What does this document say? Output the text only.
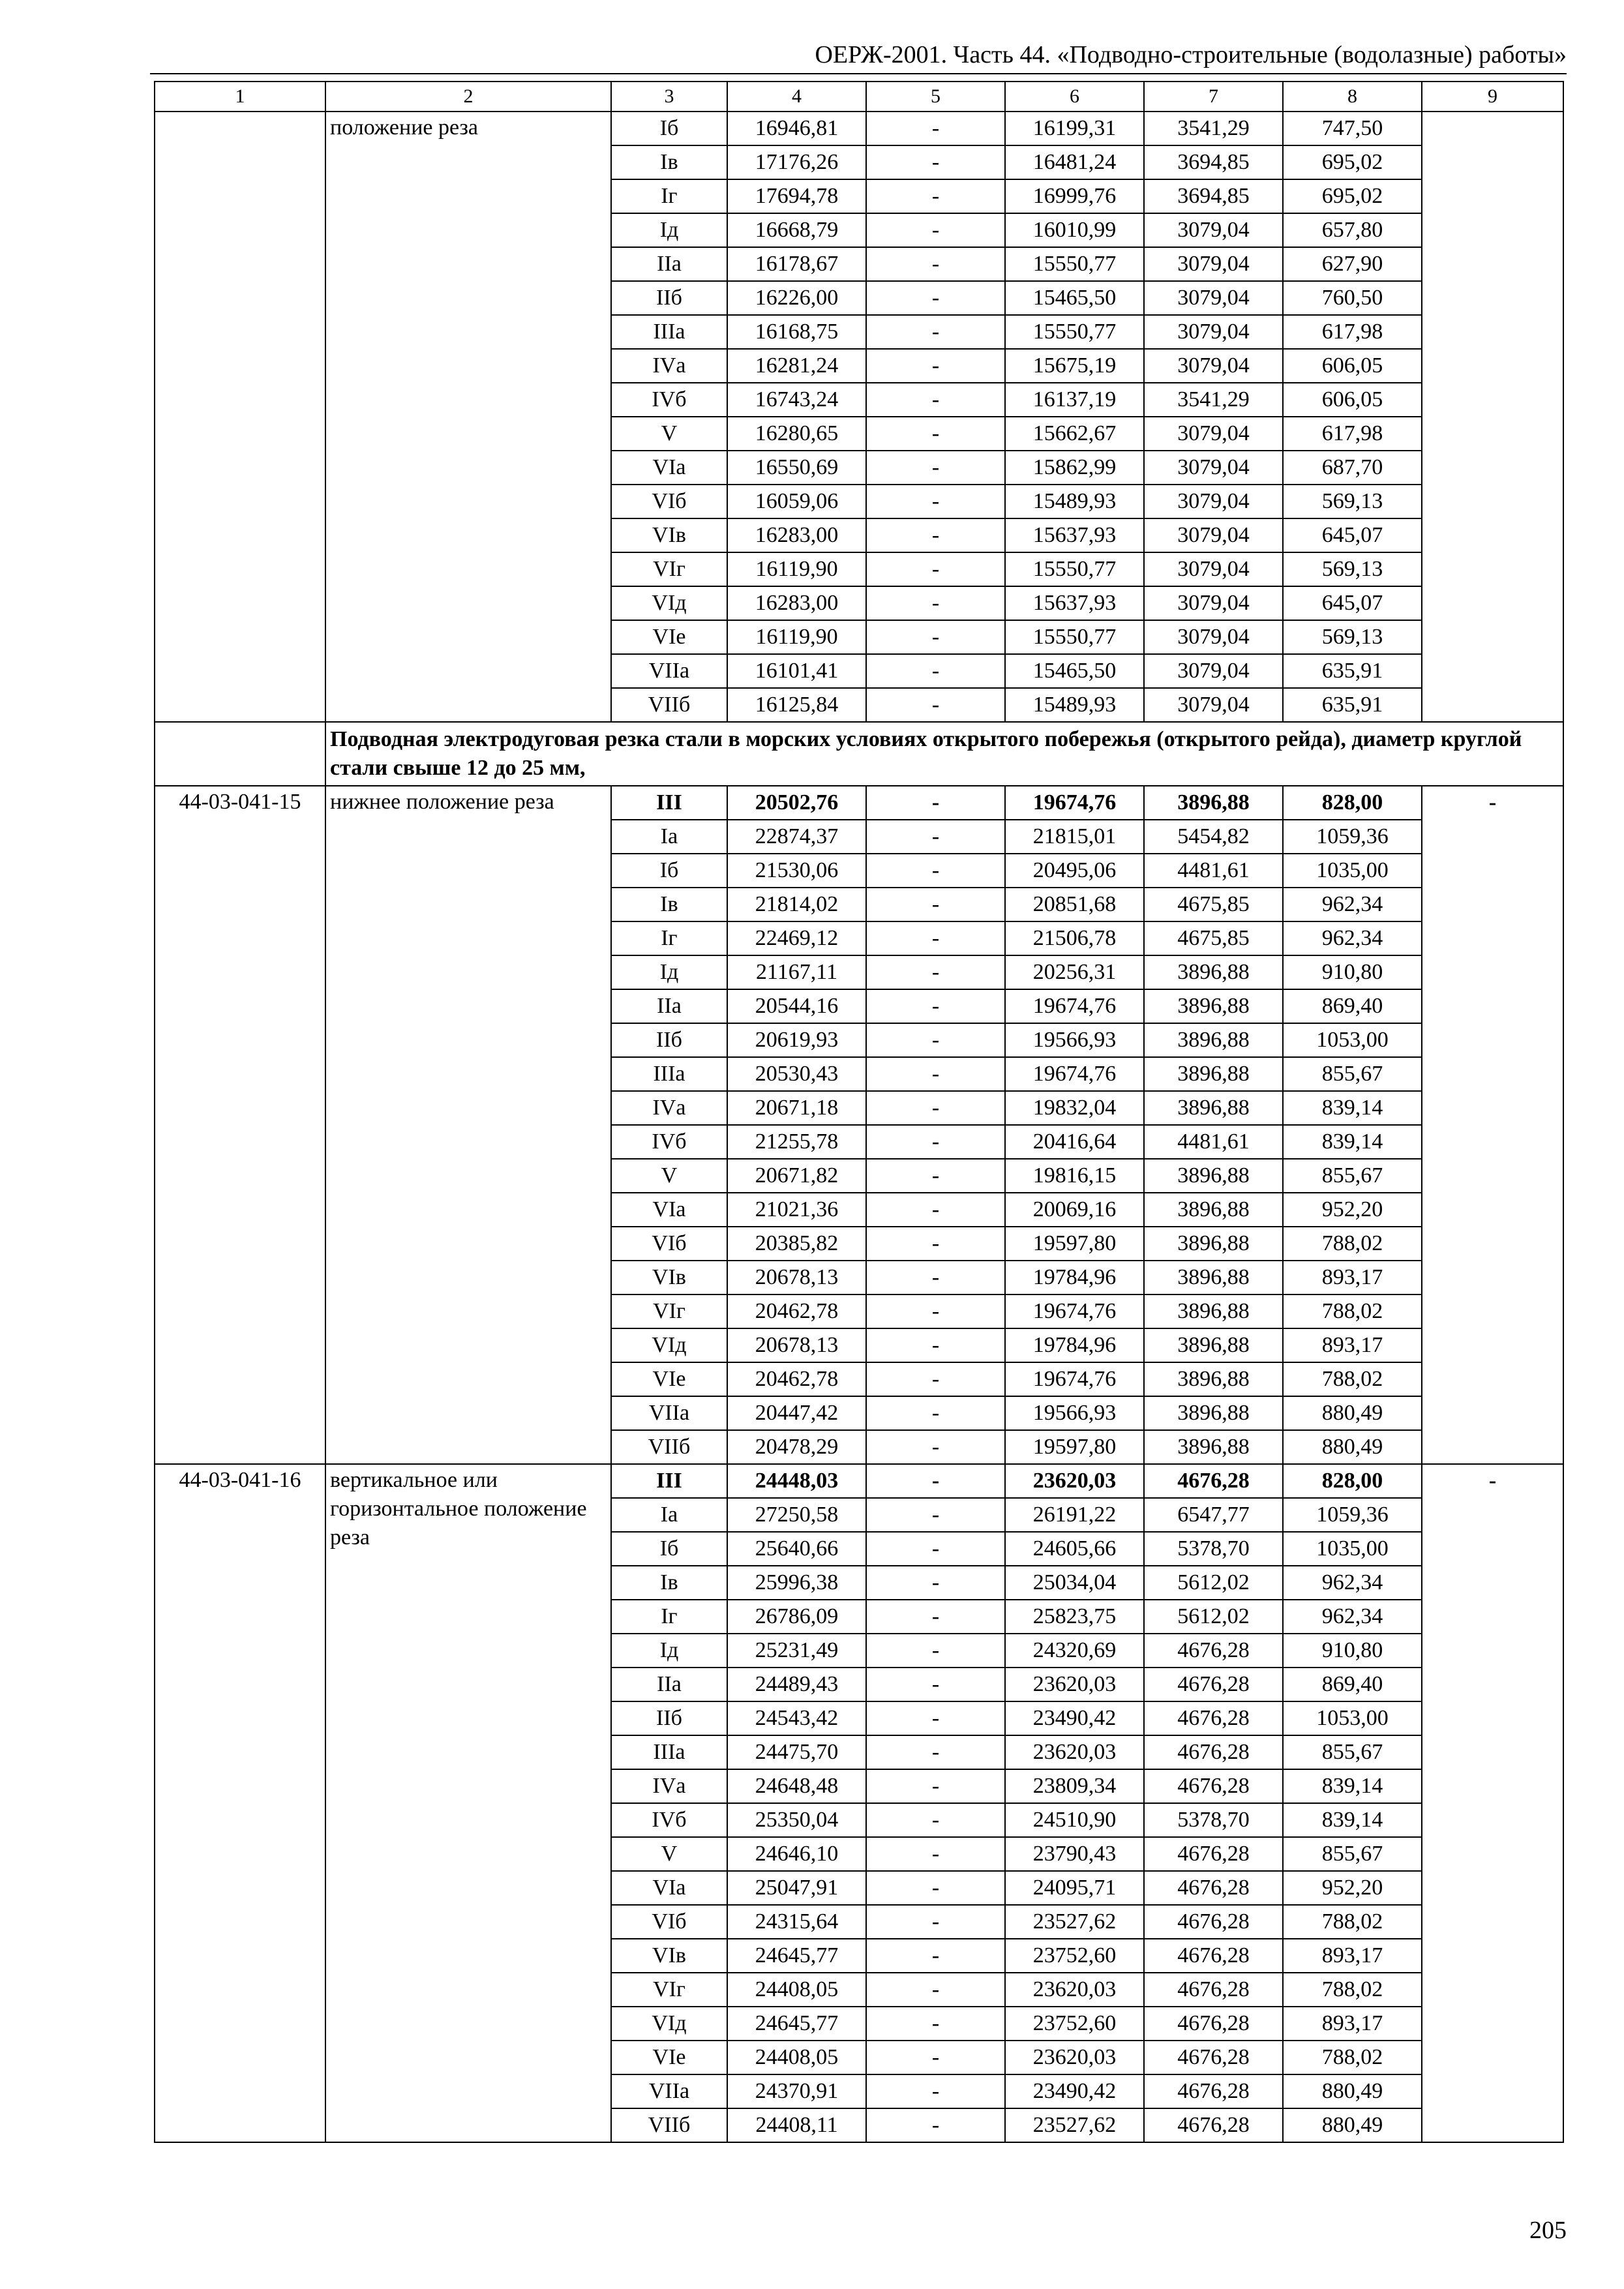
ОЕРЖ-2001. Часть 44. «Подводно-строительные (водолазные) работы»
1	2	3	4	5	6	7	8	9
	положение реза	Iб	16946,81	-	16199,31	3541,29	747,50	
		Iв	17176,26	-	16481,24	3694,85	695,02	
		Iг	17694,78	-	16999,76	3694,85	695,02	
		Iд	16668,79	-	16010,99	3079,04	657,80	
		IIа	16178,67	-	15550,77	3079,04	627,90	
		IIб	16226,00	-	15465,50	3079,04	760,50	
		IIIа	16168,75	-	15550,77	3079,04	617,98	
		IVа	16281,24	-	15675,19	3079,04	606,05	
		IVб	16743,24	-	16137,19	3541,29	606,05	
		V	16280,65	-	15662,67	3079,04	617,98	
		VIа	16550,69	-	15862,99	3079,04	687,70	
		VIб	16059,06	-	15489,93	3079,04	569,13	
		VIв	16283,00	-	15637,93	3079,04	645,07	
		VIг	16119,90	-	15550,77	3079,04	569,13	
		VIд	16283,00	-	15637,93	3079,04	645,07	
		VIе	16119,90	-	15550,77	3079,04	569,13	
		VIIа	16101,41	-	15465,50	3079,04	635,91	
		VIIб	16125,84	-	15489,93	3079,04	635,91	
	Подводная электродуговая резка стали в морских условиях открытого побережья (открытого рейда), диаметр круглой стали свыше 12 до 25 мм,							
44-03-041-15	нижнее положение реза	III	20502,76	-	19674,76	3896,88	828,00	-
		Iа	22874,37	-	21815,01	5454,82	1059,36	
		Iб	21530,06	-	20495,06	4481,61	1035,00	
		Iв	21814,02	-	20851,68	4675,85	962,34	
		Iг	22469,12	-	21506,78	4675,85	962,34	
		Iд	21167,11	-	20256,31	3896,88	910,80	
		IIа	20544,16	-	19674,76	3896,88	869,40	
		IIб	20619,93	-	19566,93	3896,88	1053,00	
		IIIа	20530,43	-	19674,76	3896,88	855,67	
		IVа	20671,18	-	19832,04	3896,88	839,14	
		IVб	21255,78	-	20416,64	4481,61	839,14	
		V	20671,82	-	19816,15	3896,88	855,67	
		VIа	21021,36	-	20069,16	3896,88	952,20	
		VIб	20385,82	-	19597,80	3896,88	788,02	
		VIв	20678,13	-	19784,96	3896,88	893,17	
		VIг	20462,78	-	19674,76	3896,88	788,02	
		VIд	20678,13	-	19784,96	3896,88	893,17	
		VIе	20462,78	-	19674,76	3896,88	788,02	
		VIIа	20447,42	-	19566,93	3896,88	880,49	
		VIIб	20478,29	-	19597,80	3896,88	880,49	
44-03-041-16	вертикальное или горизонтальное положение реза	III	24448,03	-	23620,03	4676,28	828,00	-
		Iа	27250,58	-	26191,22	6547,77	1059,36	
		Iб	25640,66	-	24605,66	5378,70	1035,00	
		Iв	25996,38	-	25034,04	5612,02	962,34	
		Iг	26786,09	-	25823,75	5612,02	962,34	
		Iд	25231,49	-	24320,69	4676,28	910,80	
		IIа	24489,43	-	23620,03	4676,28	869,40	
		IIб	24543,42	-	23490,42	4676,28	1053,00	
		IIIа	24475,70	-	23620,03	4676,28	855,67	
		IVа	24648,48	-	23809,34	4676,28	839,14	
		IVб	25350,04	-	24510,90	5378,70	839,14	
		V	24646,10	-	23790,43	4676,28	855,67	
		VIа	25047,91	-	24095,71	4676,28	952,20	
		VIб	24315,64	-	23527,62	4676,28	788,02	
		VIв	24645,77	-	23752,60	4676,28	893,17	
		VIг	24408,05	-	23620,03	4676,28	788,02	
		VIд	24645,77	-	23752,60	4676,28	893,17	
		VIе	24408,05	-	23620,03	4676,28	788,02	
		VIIа	24370,91	-	23490,42	4676,28	880,49	
		VIIб	24408,11	-	23527,62	4676,28	880,49	
205
